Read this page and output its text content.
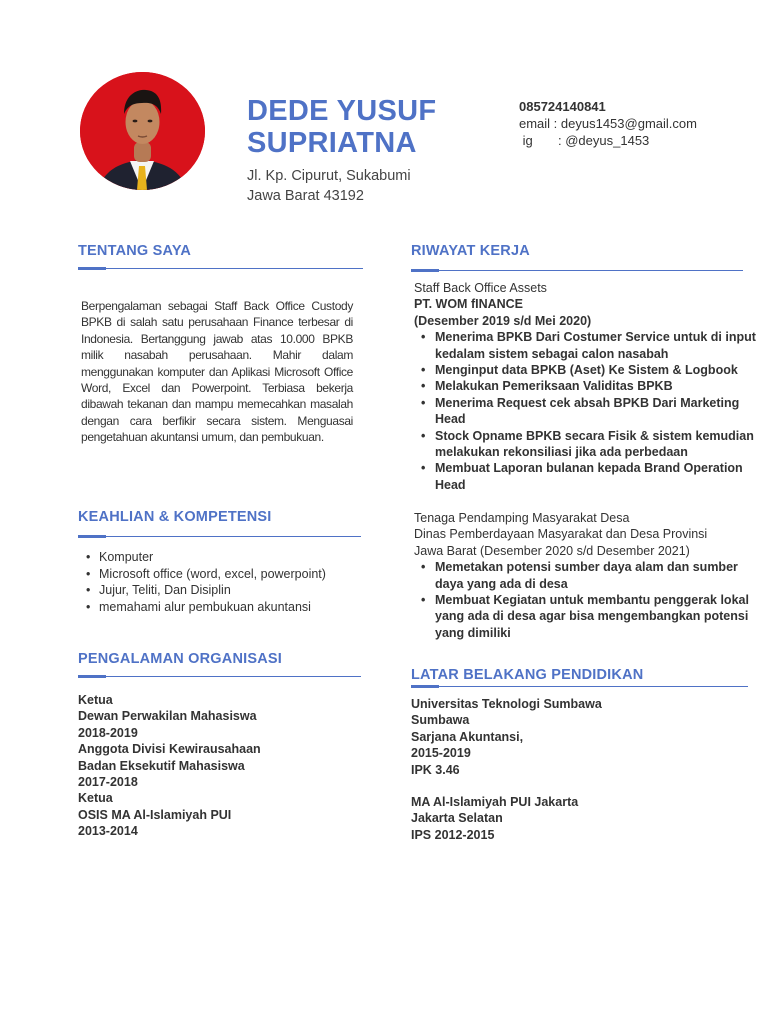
DEDE YUSUF
SUPRIATNA
Jl. Kp. Cipurut, Sukabumi
Jawa Barat 43192
085724140841
email : deyus1453@gmail.com
ig       : @deyus_1453
TENTANG SAYA
Berpengalaman sebagai Staff Back Office Custody BPKB di salah satu perusahaan Finance terbesar di Indonesia. Bertanggung jawab atas 10.000 BPKB milik nasabah perusahaan. Mahir dalam menggunakan komputer dan Aplikasi Microsoft Office Word, Excel dan Powerpoint. Terbiasa bekerja dibawah tekanan dan mampu memecahkan masalah dengan cara berfikir secara sistem. Menguasai pengetahuan akuntansi umum, dan pembukuan.
KEAHLIAN & KOMPETENSI
• Komputer
• Microsoft office (word, excel, powerpoint)
• Jujur, Teliti, Dan Disiplin
• memahami alur pembukuan akuntansi
PENGALAMAN ORGANISASI
Ketua
Dewan Perwakilan Mahasiswa
2018-2019
Anggota Divisi Kewirausahaan
Badan Eksekutif Mahasiswa
2017-2018
Ketua
OSIS MA Al-Islamiyah PUI
2013-2014
RIWAYAT KERJA
Staff Back Office Assets
PT. WOM fINANCE
(Desember 2019 s/d Mei 2020)
• Menerima BPKB Dari Costumer Service untuk di input kedalam sistem sebagai calon nasabah
• Menginput data BPKB (Aset) Ke Sistem & Logbook
• Melakukan Pemeriksaan Validitas BPKB
• Menerima Request cek absah BPKB Dari Marketing Head
• Stock Opname BPKB secara Fisik & sistem kemudian melakukan rekonsiliasi jika ada perbedaan
• Membuat Laporan bulanan kepada Brand Operation Head
Tenaga Pendamping Masyarakat Desa
Dinas Pemberdayaan Masyarakat dan Desa Provinsi
Jawa Barat (Desember 2020 s/d Desember 2021)
• Memetakan potensi sumber daya alam dan sumber daya yang ada di desa
• Membuat Kegiatan untuk membantu penggerak lokal yang ada di desa agar bisa mengembangkan potensi yang dimiliki
LATAR BELAKANG PENDIDIKAN
Universitas Teknologi Sumbawa
Sumbawa
Sarjana Akuntansi,
2015-2019
IPK 3.46
MA Al-Islamiyah PUI Jakarta
Jakarta Selatan
IPS 2012-2015
